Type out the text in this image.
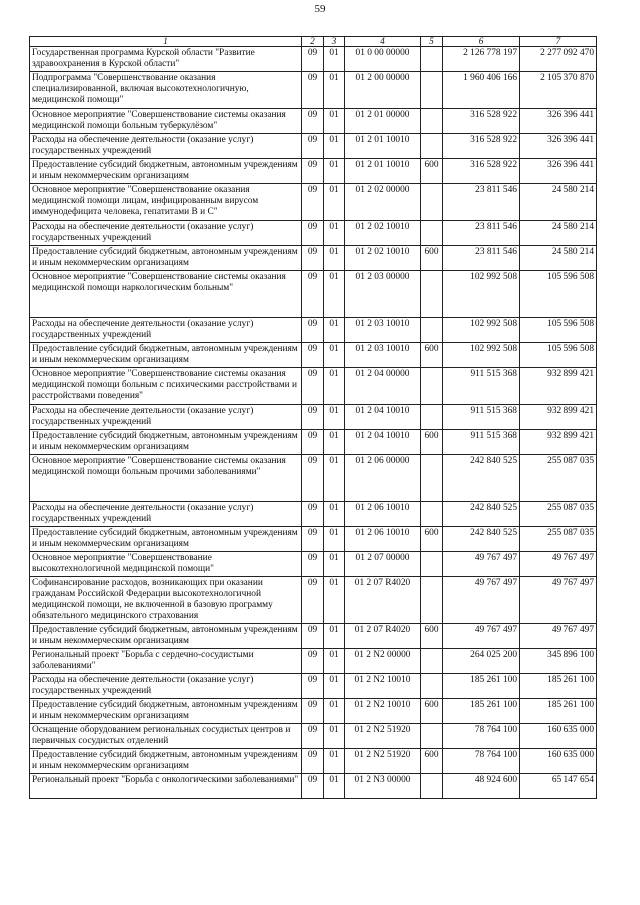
59
1	2	3	4	5	6	7
Государственная программа Курской области "Развитие здравоохранения в Курской области"	09	01	01 0 00 00000		2 126 778 197	2 277 092 470
Подпрограмма "Совершенствование оказания специализированной, включая высокотехнологичную, медицинской помощи"	09	01	01 2 00 00000		1 960 406 166	2 105 370 870
Основное мероприятие "Совершенствование системы оказания медицинской помощи больным туберкулёзом"	09	01	01 2 01 00000		316 528 922	326 396 441
Расходы на обеспечение деятельности (оказание услуг) государственных учреждений	09	01	01 2 01 10010		316 528 922	326 396 441
Предоставление субсидий бюджетным, автономным учреждениям и иным некоммерческим организациям	09	01	01 2 01 10010	600	316 528 922	326 396 441
Основное мероприятие "Совершенствование оказания медицинской помощи лицам, инфицированным вирусом иммунодефицита человека, гепатитами В и С"	09	01	01 2 02 00000		23 811 546	24 580 214
Расходы на обеспечение деятельности (оказание услуг) государственных учреждений	09	01	01 2 02 10010		23 811 546	24 580 214
Предоставление субсидий бюджетным, автономным учреждениям и иным некоммерческим организациям	09	01	01 2 02 10010	600	23 811 546	24 580 214
Основное мероприятие "Совершенствование системы оказания медицинской помощи наркологическим больным"	09	01	01 2 03 00000		102 992 508	105 596 508
Расходы на обеспечение деятельности (оказание услуг) государственных учреждений	09	01	01 2 03 10010		102 992 508	105 596 508
Предоставление субсидий бюджетным, автономным учреждениям и иным некоммерческим организациям	09	01	01 2 03 10010	600	102 992 508	105 596 508
Основное мероприятие "Совершенствование системы оказания медицинской помощи больным с психическими расстройствами и расстройствами поведения"	09	01	01 2 04 00000		911 515 368	932 899 421
Расходы на обеспечение деятельности (оказание услуг) государственных учреждений	09	01	01 2 04 10010		911 515 368	932 899 421
Предоставление субсидий бюджетным, автономным учреждениям и иным некоммерческим организациям	09	01	01 2 04 10010	600	911 515 368	932 899 421
Основное мероприятие "Совершенствование системы оказания медицинской помощи больным прочими заболеваниями"	09	01	01 2 06 00000		242 840 525	255 087 035
Расходы на обеспечение деятельности (оказание услуг) государственных учреждений	09	01	01 2 06 10010		242 840 525	255 087 035
Предоставление субсидий бюджетным, автономным учреждениям и иным некоммерческим организациям	09	01	01 2 06 10010	600	242 840 525	255 087 035
Основное мероприятие "Совершенствование высокотехнологичной медицинской помощи"	09	01	01 2 07 00000		49 767 497	49 767 497
Софинансирование расходов, возникающих при оказании гражданам Российской Федерации высокотехнологичной медицинской помощи, не включенной в базовую программу обязательного медицинского страхования	09	01	01 2 07 R4020		49 767 497	49 767 497
Предоставление субсидий бюджетным, автономным учреждениям и иным некоммерческим организациям	09	01	01 2 07 R4020	600	49 767 497	49 767 497
Региональный проект "Борьба с сердечно-сосудистыми заболеваниями"	09	01	01 2 N2 00000		264 025 200	345 896 100
Расходы на обеспечение деятельности (оказание услуг) государственных учреждений	09	01	01 2 N2 10010		185 261 100	185 261 100
Предоставление субсидий бюджетным, автономным учреждениям и иным некоммерческим организациям	09	01	01 2 N2 10010	600	185 261 100	185 261 100
Оснащение оборудованием региональных сосудистых центров и первичных сосудистых отделений	09	01	01 2 N2 51920		78 764 100	160 635 000
Предоставление субсидий бюджетным, автономным учреждениям и иным некоммерческим организациям	09	01	01 2 N2 51920	600	78 764 100	160 635 000
Региональный проект "Борьба с онкологическими заболеваниями"	09	01	01 2 N3 00000		48 924 600	65 147 654
